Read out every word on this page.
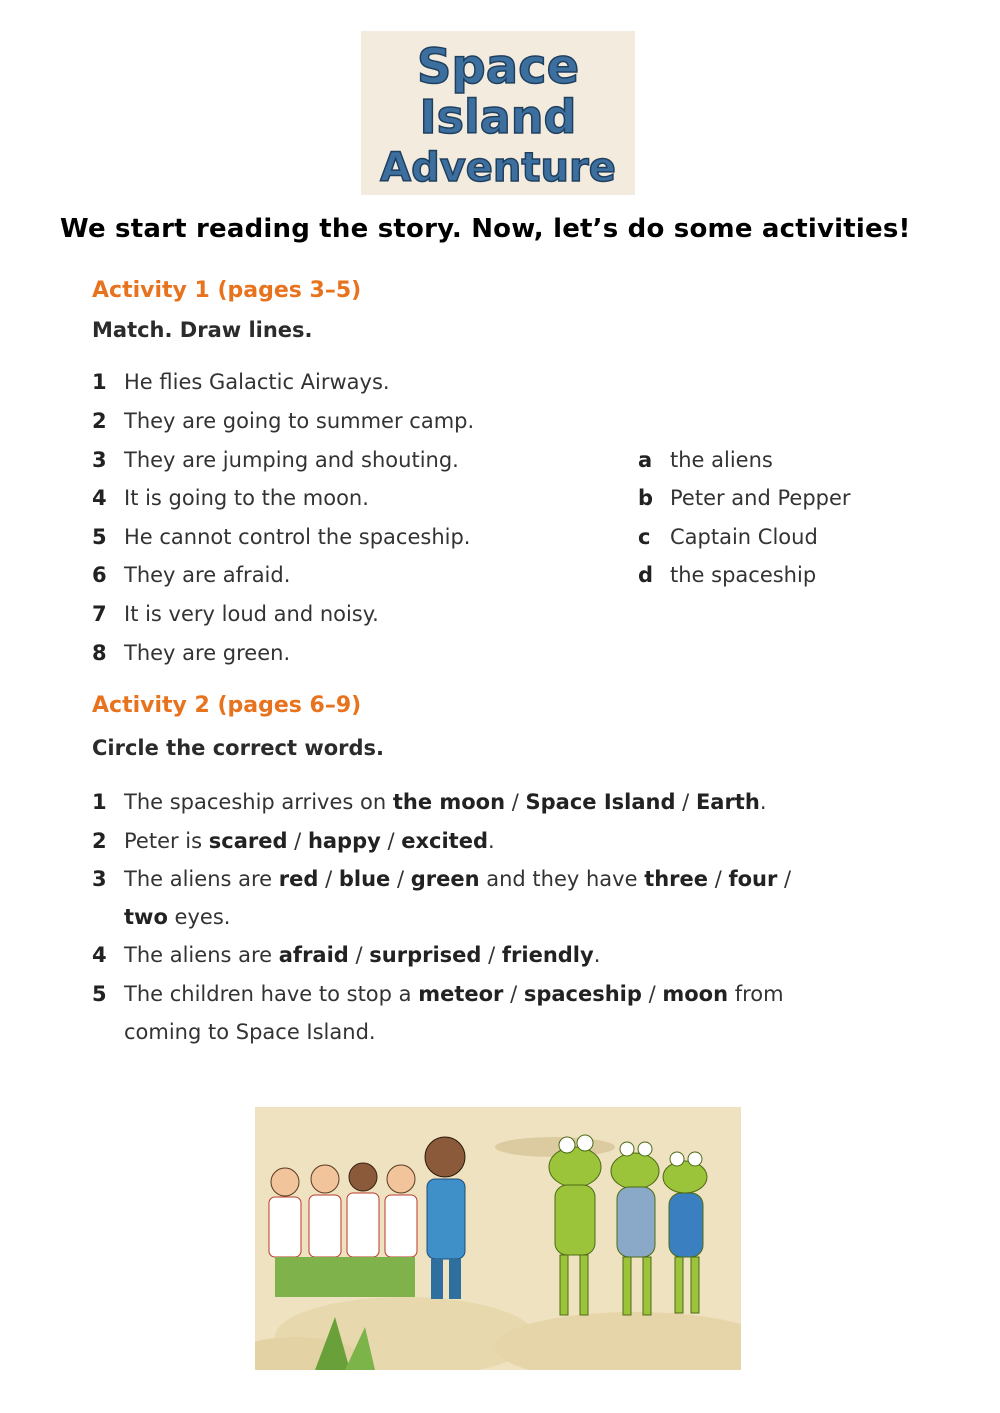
Space
Island
Adventure
We start reading the story. Now, let’s do some activities!
Activity 1 (pages 3–5)
Match. Draw lines.
1 He flies Galactic Airways.
2 They are going to summer camp.
3 They are jumping and shouting.
4 It is going to the moon.
5 He cannot control the spaceship.
6 They are afraid.
7 It is very loud and noisy.
8 They are green.
a the aliens
b Peter and Pepper
c Captain Cloud
d the spaceship
Activity 2 (pages 6–9)
Circle the correct words.
1 The spaceship arrives on the moon / Space Island / Earth.
2 Peter is scared / happy / excited.
3 The aliens are red / blue / green and they have three / four /
two eyes.
4 The aliens are afraid / surprised / friendly.
5 The children have to stop a meteor / spaceship / moon from
coming to Space Island.
